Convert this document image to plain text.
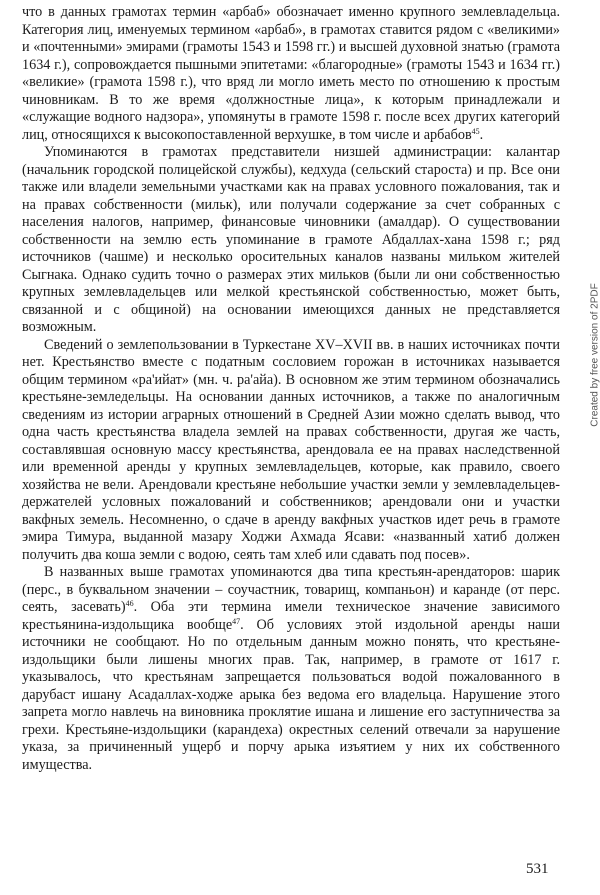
что в данных грамотах термин «арбаб» обозначает именно крупного землевладельца. Категория лиц, именуемых термином «арбаб», в грамотах ставится рядом с «великими» и «почтенными» эмирами (грамоты 1543 и 1598 гг.) и высшей духовной знатью (грамота 1634 г.), сопровождается пышными эпитетами: «благородные» (грамоты 1543 и 1634 гг.) «великие» (грамота 1598 г.), что вряд ли могло иметь место по отношению к простым чиновникам. В то же время «должностные лица», к которым принадлежали и «служащие водного надзора», упомянуты в грамоте 1598 г. после всех других категорий лиц, относящихся к высокопоставленной верхушке, в том числе и арбабов$^{45}$.

Упоминаются в грамотах представители низшей администрации: калантар (начальник городской полицейской службы), кедхуда (сельский староста) и пр. Все они также или владели земельными участками как на правах условного пожалования, так и на правах собственности (мильк), или получали содержание за счет собранных с населения налогов, например, финансовые чиновники (амалдар). О существовании собственности на землю есть упоминание в грамоте Абдаллах-хана 1598 г.; ряд источников (чашме) и несколько оросительных каналов названы мильком жителей Сыгнака. Однако судить точно о размерах этих мильков (были ли они собственностью крупных землевладельцев или мелкой крестьянской собственностью, может быть, связанной и с общиной) на основании имеющихся данных не представляется возможным.

Сведений о землепользовании в Туркестане XV–XVII вв. в наших источниках почти нет. Крестьянство вместе с податным сословием горожан в источниках называется общим термином «ра'ийат» (мн. ч. ра'айа). В основном же этим термином обозначались крестьяне-земледельцы. На основании данных источников, а также по аналогичным сведениям из истории аграрных отношений в Средней Азии можно сделать вывод, что одна часть крестьянства владела землей на правах собственности, другая же часть, составлявшая основную массу крестьянства, арендовала ее на правах наследственной или временной аренды у крупных землевладельцев, которые, как правило, своего хозяйства не вели. Арендовали крестьяне небольшие участки земли у землевладельцев-держателей условных пожалований и собственников; арендовали они и участки вакфных земель. Несомненно, о сдаче в аренду вакфных участков идет речь в грамоте эмира Тимура, выданной мазару Ходжи Ахмада Ясави: «названный хатиб должен получить два коша земли с водою, сеять там хлеб или сдавать под посев».

В названных выше грамотах упоминаются два типа крестьян-арендаторов: шарик (перс., в буквальном значении – соучастник, товарищ, компаньон) и каранде (от перс. сеять, засевать)$^{46}$. Оба эти термина имели техническое значение зависимого крестьянина-издольщика вообще$^{47}$. Об условиях этой издольной аренды наши источники не сообщают. Но по отдельным данным можно понять, что крестьяне-издольщики были лишены многих прав. Так, например, в грамоте от 1617 г. указывалось, что крестьянам запрещается пользоваться водой пожалованного в дарубаст ишану Асадаллах-ходже арыка без ведома его владельца. Нарушение этого запрета могло навлечь на виновника проклятие ишана и лишение его заступничества за грехи. Крестьяне-издольщики (карандеха) окрестных селений отвечали за нарушение указа, за причиненный ущерб и порчу арыка изъятием у них их собственного имущества.

531
Created by free version of 2PDF
